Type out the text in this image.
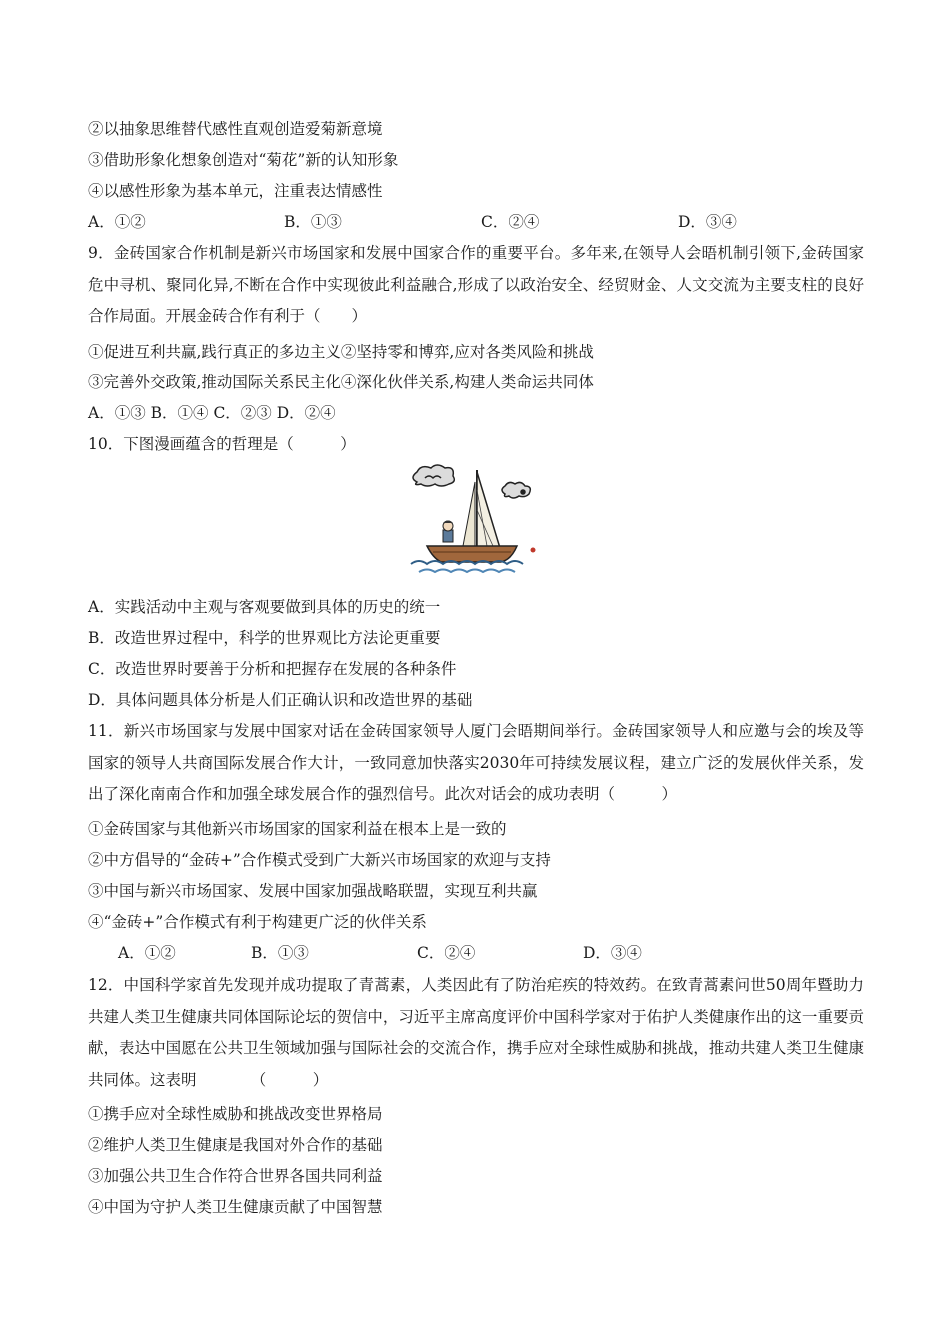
②以抽象思维替代感性直观创造爱菊新意境
③借助形象化想象创造对“菊花”新的认知形象
④以感性形象为基本单元，注重表达情感性
A．①②	B．①③	C．②④	D．③④
9．金砖国家合作机制是新兴市场国家和发展中国家合作的重要平台。多年来,在领导人会晤机制引领下,金砖国家危中寻机、聚同化异,不断在合作中实现彼此利益融合,形成了以政治安全、经贸财金、人文交流为主要支柱的良好合作局面。开展金砖合作有利于（　　）
①促进互利共赢,践行真正的多边主义②坚持零和博弈,应对各类风险和挑战
③完善外交政策,推动国际关系民主化④深化伙伴关系,构建人类命运共同体
A．①③ B．①④ C．②③ D．②④
10．下图漫画蕴含的哲理是（　　　）
A．实践活动中主观与客观要做到具体的历史的统一
B．改造世界过程中，科学的世界观比方法论更重要
C．改造世界时要善于分析和把握存在发展的各种条件
D．具体问题具体分析是人们正确认识和改造世界的基础
11．新兴市场国家与发展中国家对话在金砖国家领导人厦门会晤期间举行。金砖国家领导人和应邀与会的埃及等国家的领导人共商国际发展合作大计，一致同意加快落实2030年可持续发展议程，建立广泛的发展伙伴关系，发出了深化南南合作和加强全球发展合作的强烈信号。此次对话会的成功表明（　　　）
①金砖国家与其他新兴市场国家的国家利益在根本上是一致的
②中方倡导的“金砖+”合作模式受到广大新兴市场国家的欢迎与支持
③中国与新兴市场国家、发展中国家加强战略联盟，实现互利共赢
④“金砖+”合作模式有利于构建更广泛的伙伴关系
A．①②	B．①③	C．②④	D．③④
12．中国科学家首先发现并成功提取了青蒿素，人类因此有了防治疟疾的特效药。在致青蒿素问世50周年暨助力共建人类卫生健康共同体国际论坛的贺信中，习近平主席高度评价中国科学家对于佑护人类健康作出的这一重要贡献，表达中国愿在公共卫生领域加强与国际社会的交流合作，携手应对全球性威胁和挑战，推动共建人类卫生健康共同体。这表明　　　　（　　　）
①携手应对全球性威胁和挑战改变世界格局
②维护人类卫生健康是我国对外合作的基础
③加强公共卫生合作符合世界各国共同利益
④中国为守护人类卫生健康贡献了中国智慧
